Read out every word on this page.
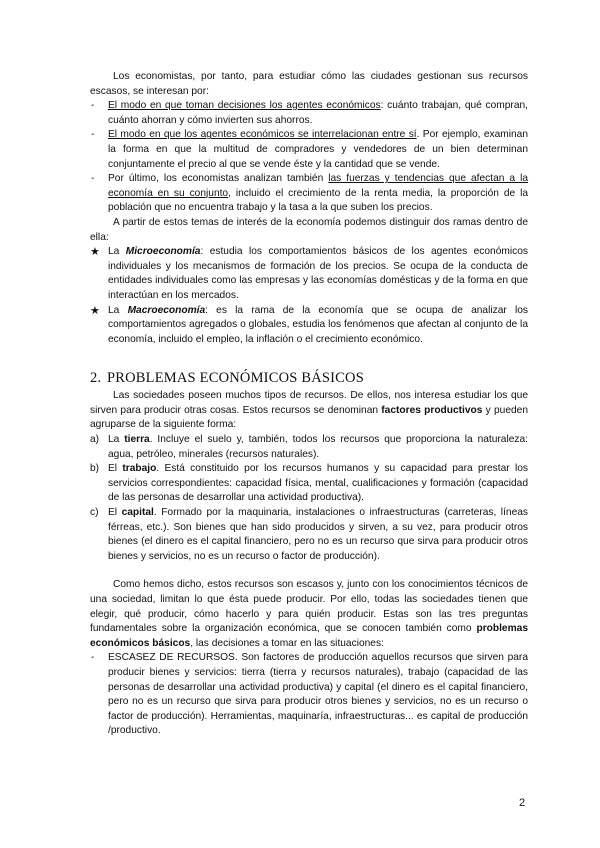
Los economistas, por tanto, para estudiar cómo las ciudades gestionan sus recursos escasos, se interesan por:

- El modo en que toman decisiones los agentes económicos: cuánto trabajan, qué compran, cuánto ahorran y cómo invierten sus ahorros.
- El modo en que los agentes económicos se interrelacionan entre sí. Por ejemplo, examinan la forma en que la multitud de compradores y vendedores de un bien determinan conjuntamente el precio al que se vende éste y la cantidad que se vende.
- Por último, los economistas analizan también las fuerzas y tendencias que afectan a la economía en su conjunto, incluido el crecimiento de la renta media, la proporción de la población que no encuentra trabajo y la tasa a la que suben los precios.

A partir de estos temas de interés de la economía podemos distinguir dos ramas dentro de ella:

★ La Microeconomía: estudia los comportamientos básicos de los agentes económicos individuales y los mecanismos de formación de los precios. Se ocupa de la conducta de entidades individuales como las empresas y las economías domésticas y de la forma en que interactúan en los mercados.
★ La Macroeconomía: es la rama de la economía que se ocupa de analizar los comportamientos agregados o globales, estudia los fenómenos que afectan al conjunto de la economía, incluido el empleo, la inflación o el crecimiento económico.
2. PROBLEMAS ECONÓMICOS BÁSICOS

Las sociedades poseen muchos tipos de recursos. De ellos, nos interesa estudiar los que sirven para producir otras cosas. Estos recursos se denominan factores productivos y pueden agruparse de la siguiente forma:

a) La tierra. Incluye el suelo y, también, todos los recursos que proporciona la naturaleza: agua, petróleo, minerales (recursos naturales).
b) El trabajo. Está constituido por los recursos humanos y su capacidad para prestar los servicios correspondientes: capacidad física, mental, cualificaciones y formación (capacidad de las personas de desarrollar una actividad productiva).
c) El capital. Formado por la maquinaria, instalaciones o infraestructuras (carreteras, líneas férreas, etc.). Son bienes que han sido producidos y sirven, a su vez, para producir otros bienes (el dinero es el capital financiero, pero no es un recurso que sirva para producir otros bienes y servicios, no es un recurso o factor de producción).

Como hemos dicho, estos recursos son escasos y, junto con los conocimientos técnicos de una sociedad, limitan lo que ésta puede producir. Por ello, todas las sociedades tienen que elegir, qué producir, cómo hacerlo y para quién producir. Estas son las tres preguntas fundamentales sobre la organización económica, que se conocen también como problemas económicos básicos, las decisiones a tomar en las situaciones:

- ESCASEZ DE RECURSOS. Son factores de producción aquellos recursos que sirven para producir bienes y servicios: tierra (tierra y recursos naturales), trabajo (capacidad de las personas de desarrollar una actividad productiva) y capital (el dinero es el capital financiero, pero no es un recurso que sirva para producir otros bienes y servicios, no es un recurso o factor de producción). Herramientas, maquinaría, infraestructuras... es capital de producción /productivo.
2
